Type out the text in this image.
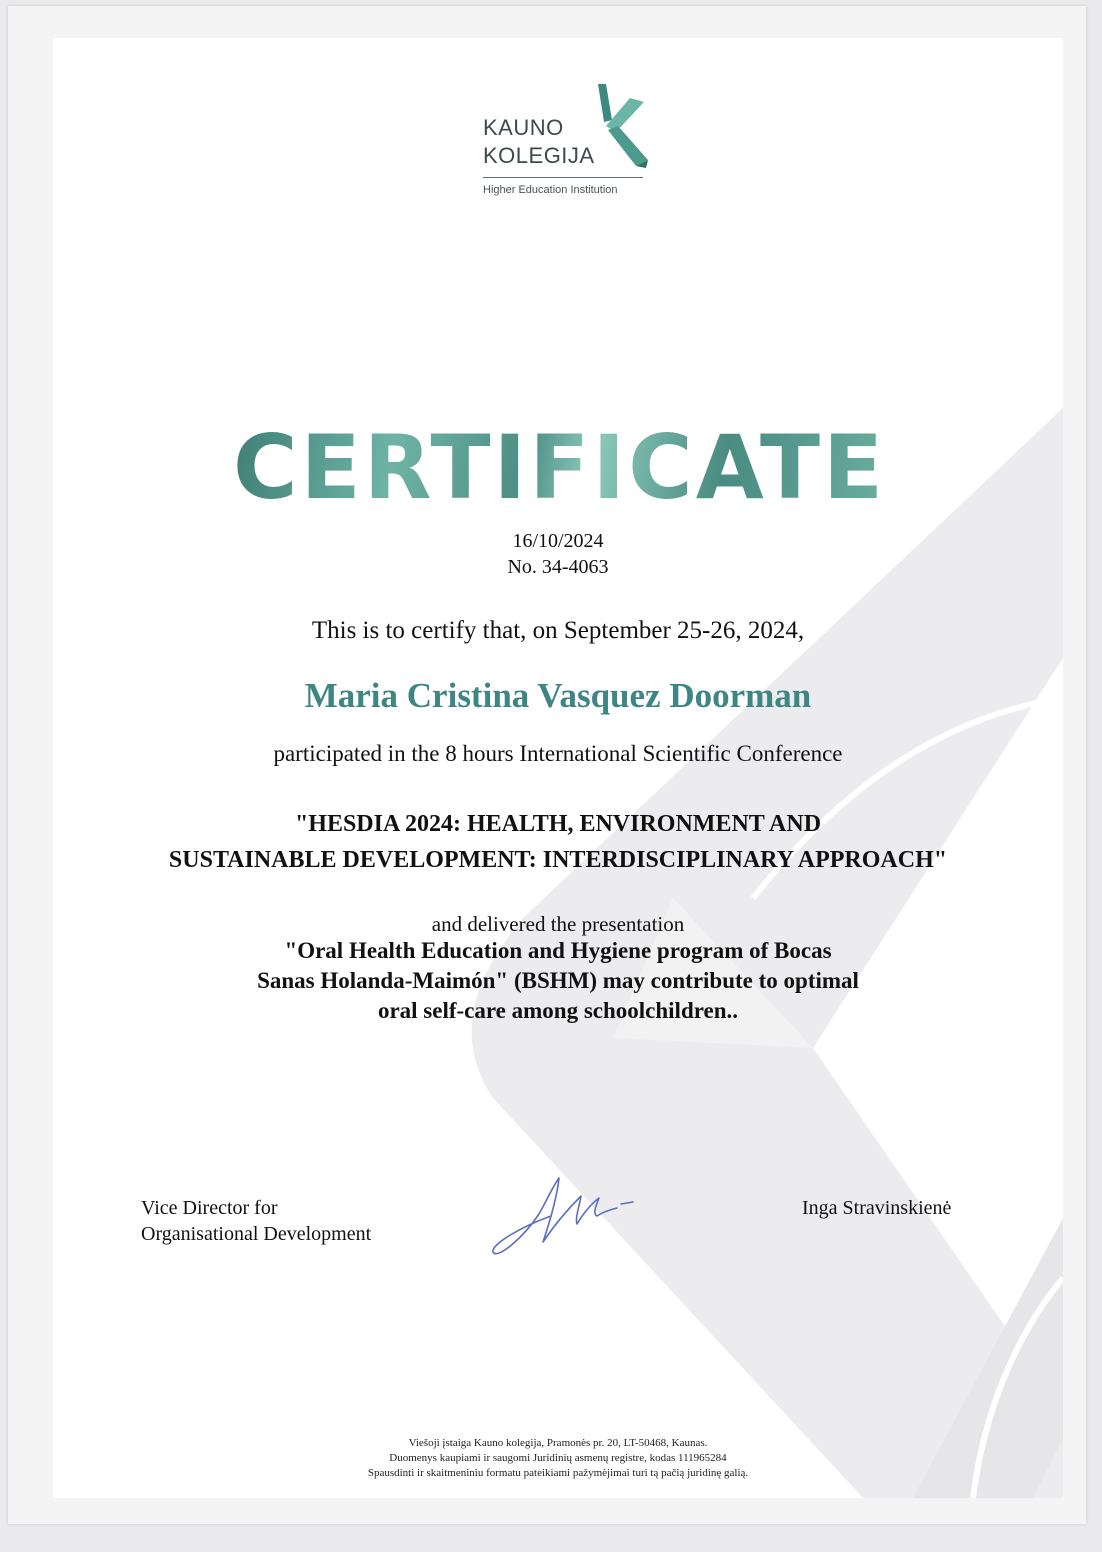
KAUNO
KOLEGIJA
Higher Education Institution
CERTIFICATE
16/10/2024
No. 34-4063
This is to certify that, on September 25-26, 2024,
Maria Cristina Vasquez Doorman
participated in the 8 hours International Scientific Conference
"HESDIA 2024: HEALTH, ENVIRONMENT AND
SUSTAINABLE DEVELOPMENT: INTERDISCIPLINARY APPROACH"
and delivered the presentation
"Oral Health Education and Hygiene program of Bocas
Sanas Holanda-Maimón" (BSHM) may contribute to optimal
oral self-care among schoolchildren..
Vice Director for
Organisational Development
Inga Stravinskienė
Viešoji įstaiga Kauno kolegija, Pramonės pr. 20, LT-50468, Kaunas.
Duomenys kaupiami ir saugomi Juridinių asmenų registre, kodas 111965284
Spausdinti ir skaitmeniniu formatu pateikiami pažymėjimai turi tą pačią juridinę galią.
